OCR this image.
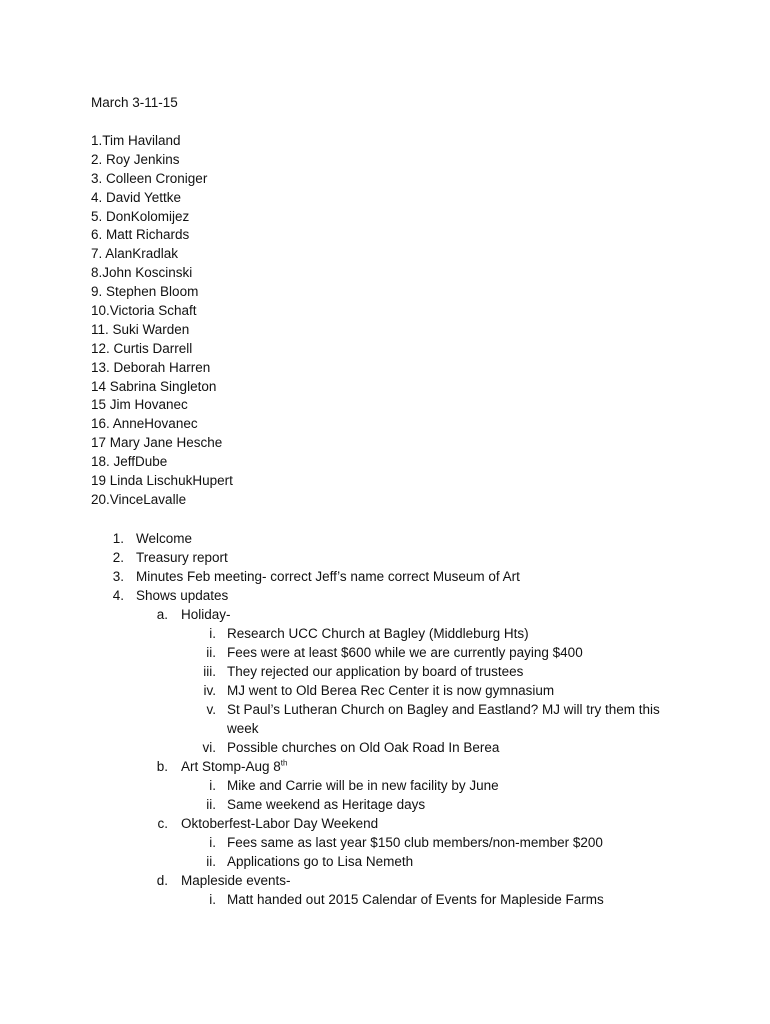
March 3-11-15
1.Tim Haviland
2. Roy Jenkins
3. Colleen Croniger
4. David Yettke
5. DonKolomijez
6. Matt Richards
7. AlanKradlak
8.John Koscinski
9. Stephen Bloom
10.Victoria Schaft
11. Suki Warden
12. Curtis Darrell
13. Deborah Harren
14 Sabrina Singleton
15 Jim Hovanec
16. AnneHovanec
17 Mary Jane Hesche
18. JeffDube
19 Linda LischukHupert
20.VinceLavalle
1. Welcome
2. Treasury report
3. Minutes Feb meeting- correct Jeff’s name correct Museum of Art
4. Shows updates
a. Holiday-
i. Research UCC Church at Bagley (Middleburg Hts)
ii. Fees were at least $600 while we are currently paying $400
iii. They rejected our application by board of trustees
iv. MJ went to Old Berea Rec Center it is now gymnasium
v. St Paul’s Lutheran Church on Bagley and Eastland? MJ will try them this week
vi. Possible churches on Old Oak Road In Berea
b. Art Stomp-Aug 8th
i. Mike and Carrie will be in new facility by June
ii. Same weekend as Heritage days
c. Oktoberfest-Labor Day Weekend
i. Fees same as last year $150 club members/non-member $200
ii. Applications go to Lisa Nemeth
d. Mapleside events-
i. Matt handed out 2015 Calendar of Events for Mapleside Farms
